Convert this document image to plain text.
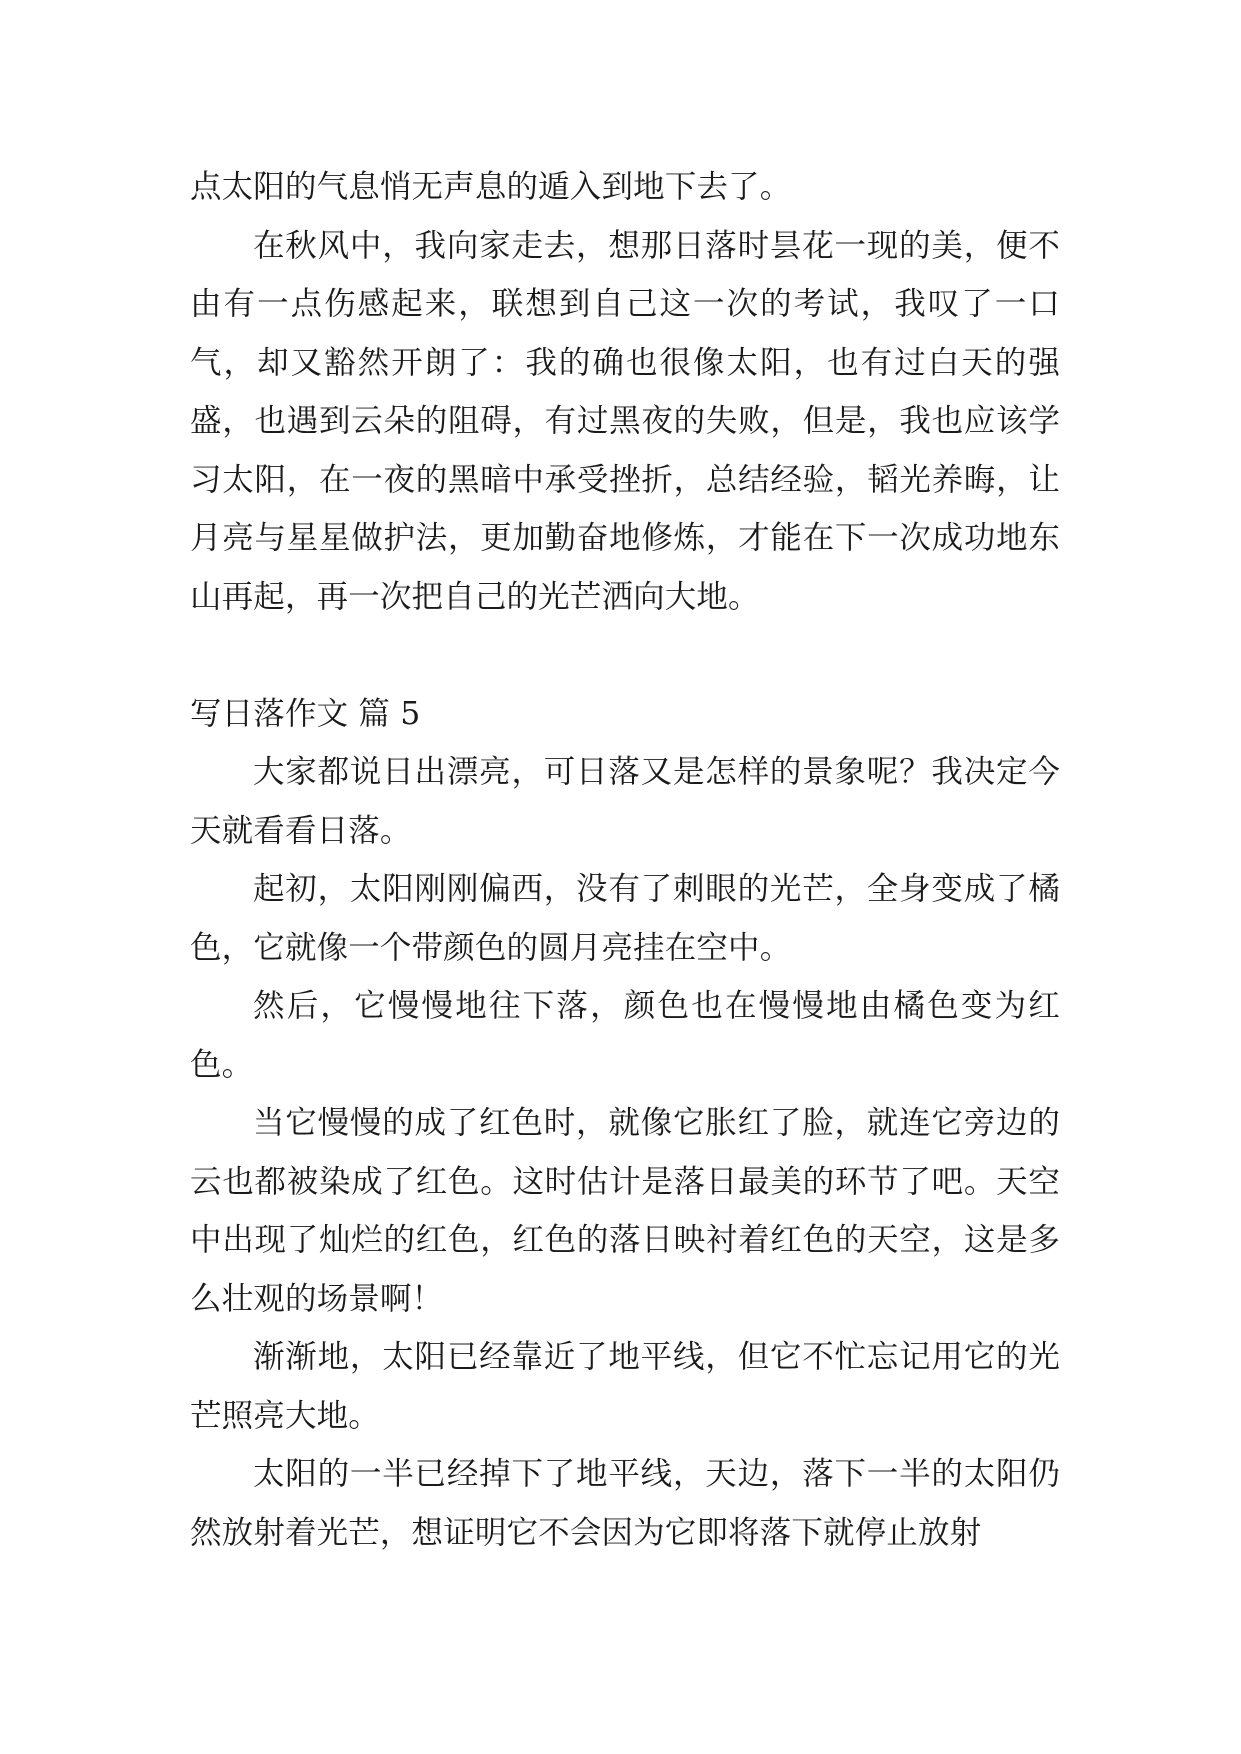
点太阳的气息悄无声息的遁入到地下去了。

在秋风中，我向家走去，想那日落时昙花一现的美，便不由有一点伤感起来，联想到自己这一次的考试，我叹了一口气，却又豁然开朗了：我的确也很像太阳，也有过白天的强盛，也遇到云朵的阻碍，有过黑夜的失败，但是，我也应该学习太阳，在一夜的黑暗中承受挫折，总结经验，韬光养晦，让月亮与星星做护法，更加勤奋地修炼，才能在下一次成功地东山再起，再一次把自己的光芒洒向大地。

写日落作文 篇 5

大家都说日出漂亮，可日落又是怎样的景象呢？我决定今天就看看日落。

起初，太阳刚刚偏西，没有了刺眼的光芒，全身变成了橘色，它就像一个带颜色的圆月亮挂在空中。

然后，它慢慢地往下落，颜色也在慢慢地由橘色变为红色。

当它慢慢的成了红色时，就像它胀红了脸，就连它旁边的云也都被染成了红色。这时估计是落日最美的环节了吧。天空中出现了灿烂的红色，红色的落日映衬着红色的天空，这是多么壮观的场景啊！

渐渐地，太阳已经靠近了地平线，但它不忙忘记用它的光芒照亮大地。

太阳的一半已经掉下了地平线，天边，落下一半的太阳仍然放射着光芒，想证明它不会因为它即将落下就停止放射
